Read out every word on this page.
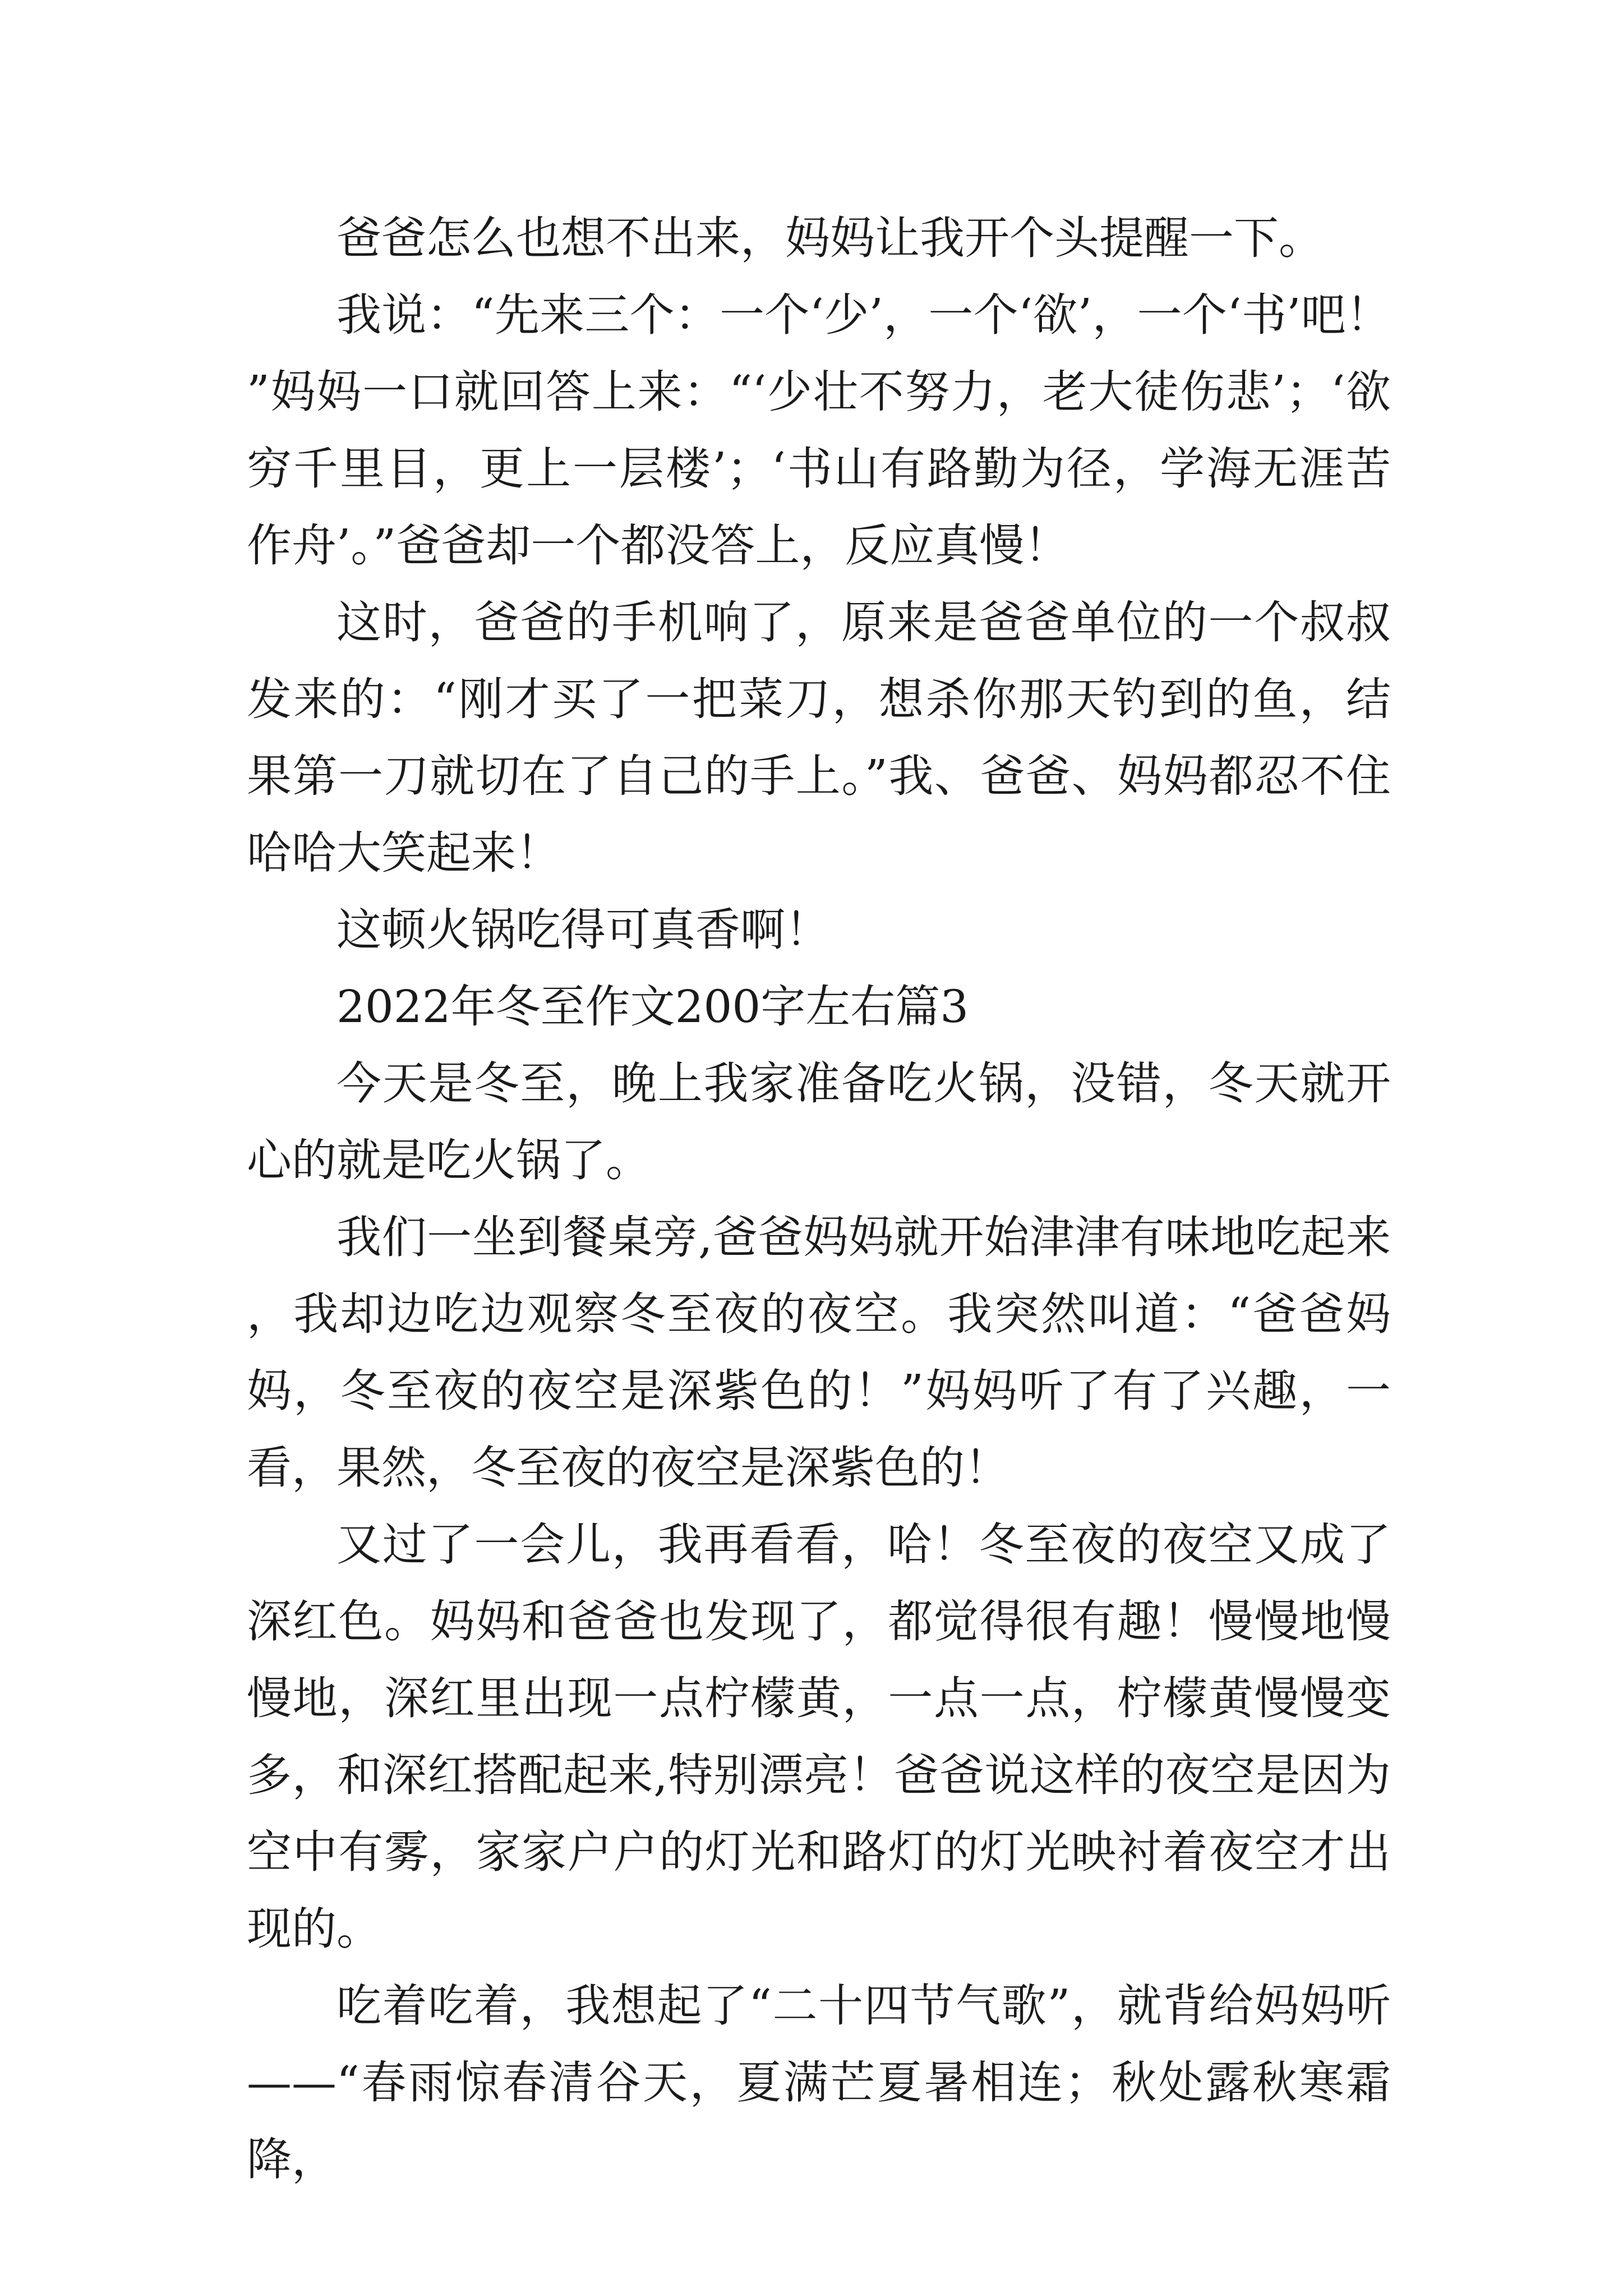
爸爸怎么也想不出来，妈妈让我开个头提醒一下。

我说：“先来三个：一个‘少’，一个‘欲’，一个‘书’吧！”妈妈一口就回答上来：“‘少壮不努力，老大徒伤悲’；‘欲穷千里目，更上一层楼’；‘书山有路勤为径，学海无涯苦作舟’。”爸爸却一个都没答上，反应真慢！

这时，爸爸的手机响了，原来是爸爸单位的一个叔叔发来的：“刚才买了一把菜刀，想杀你那天钓到的鱼，结果第一刀就切在了自己的手上。”我、爸爸、妈妈都忍不住哈哈大笑起来！

这顿火锅吃得可真香啊！

2022年冬至作文200字左右篇3

今天是冬至，晚上我家准备吃火锅，没错，冬天就开心的就是吃火锅了。

我们一坐到餐桌旁,爸爸妈妈就开始津津有味地吃起来，我却边吃边观察冬至夜的夜空。我突然叫道：“爸爸妈妈，冬至夜的夜空是深紫色的！”妈妈听了有了兴趣，一看，果然，冬至夜的夜空是深紫色的！

又过了一会儿，我再看看，哈！冬至夜的夜空又成了深红色。妈妈和爸爸也发现了，都觉得很有趣！慢慢地慢慢地，深红里出现一点柠檬黄，一点一点，柠檬黄慢慢变多，和深红搭配起来,特别漂亮！爸爸说这样的夜空是因为空中有雾，家家户户的灯光和路灯的灯光映衬着夜空才出现的。

吃着吃着，我想起了“二十四节气歌”，就背给妈妈听——“春雨惊春清谷天，夏满芒夏暑相连；秋处露秋寒霜降，
